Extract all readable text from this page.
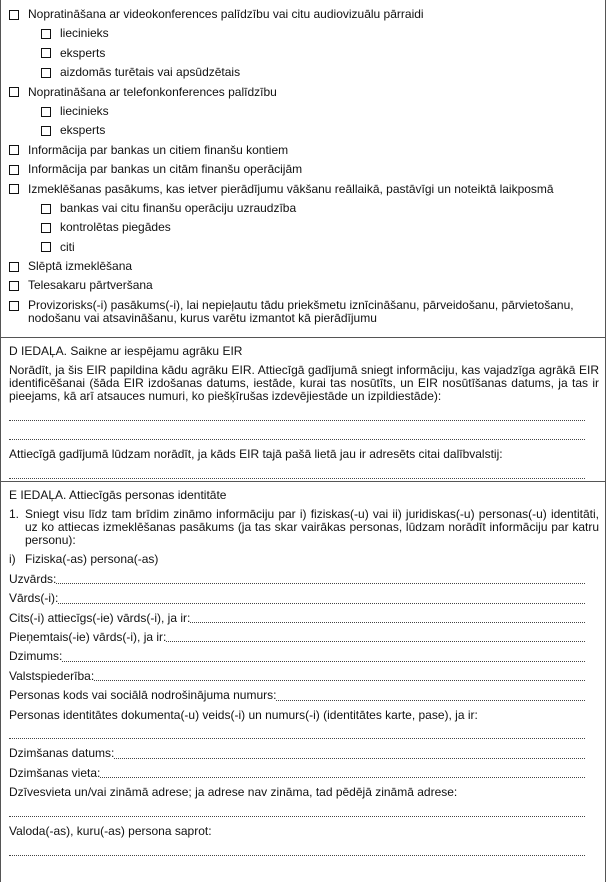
Nopratināšana ar videokonferences palīdzību vai citu audiovizuālu pārraidi
liecinieks
eksperts
aizdomās turētais vai apsūdzētais
Nopratināšana ar telefonkonferences palīdzību
liecinieks
eksperts
Informācija par bankas un citiem finanšu kontiem
Informācija par bankas un citām finanšu operācijām
Izmeklēšanas pasākums, kas ietver pierādījumu vākšanu reāllaikā, pastāvīgi un noteiktā laikposmā
bankas vai citu finanšu operāciju uzraudzība
kontrolētas piegādes
citi
Slēptā izmeklēšana
Telesakaru pārtveršana
Provizorisks(-i) pasākums(-i), lai nepieļautu tādu priekšmetu iznīcināšanu, pārveidošanu, pārvietošanu, nodošanu vai atsavināšanu, kurus varētu izmantot kā pierādījumu
D IEDAĻA. Saikne ar iespējamu agrāku EIR

Norādīt, ja šis EIR papildina kādu agrāku EIR. Attiecīgā gadījumā sniegt informāciju, kas vajadzīga agrākā EIR identificēšanai (šāda EIR izdošanas datums, iestāde, kurai tas nosūtīts, un EIR nosūtīšanas datums, ja tas ir pieejams, kā arī atsauces numuri, ko piešķīrušas izdevējiestāde un izpildiestāde):

Attiecīgā gadījumā lūdzam norādīt, ja kāds EIR tajā pašā lietā jau ir adresēts citai dalībvalstij:
E IEDAĻA. Attiecīgās personas identitāte
1. Sniegt visu līdz tam brīdim zināmo informāciju par i) fiziskas(-u) vai ii) juridiskas(-u) personas(-u) identitāti, uz ko attiecas izmeklēšanas pasākums (ja tas skar vairākas personas, lūdzam norādīt informāciju par katru personu):

i) Fiziska(-as) persona(-as)
Uzvārds:
Vārds(-i):
Cits(-i) attiecīgs(-ie) vārds(-i), ja ir:
Pieņemtais(-ie) vārds(-i), ja ir:
Dzimums:
Valstspiederība:
Personas kods vai sociālā nodrošinājuma numurs:
Personas identitātes dokumenta(-u) veids(-i) un numurs(-i) (identitātes karte, pase), ja ir:
Dzimšanas datums:
Dzimšanas vieta:
Dzīvesvieta un/vai zināmā adrese; ja adrese nav zināma, tad pēdējā zināmā adrese:
Valoda(-as), kuru(-as) persona saprot:
